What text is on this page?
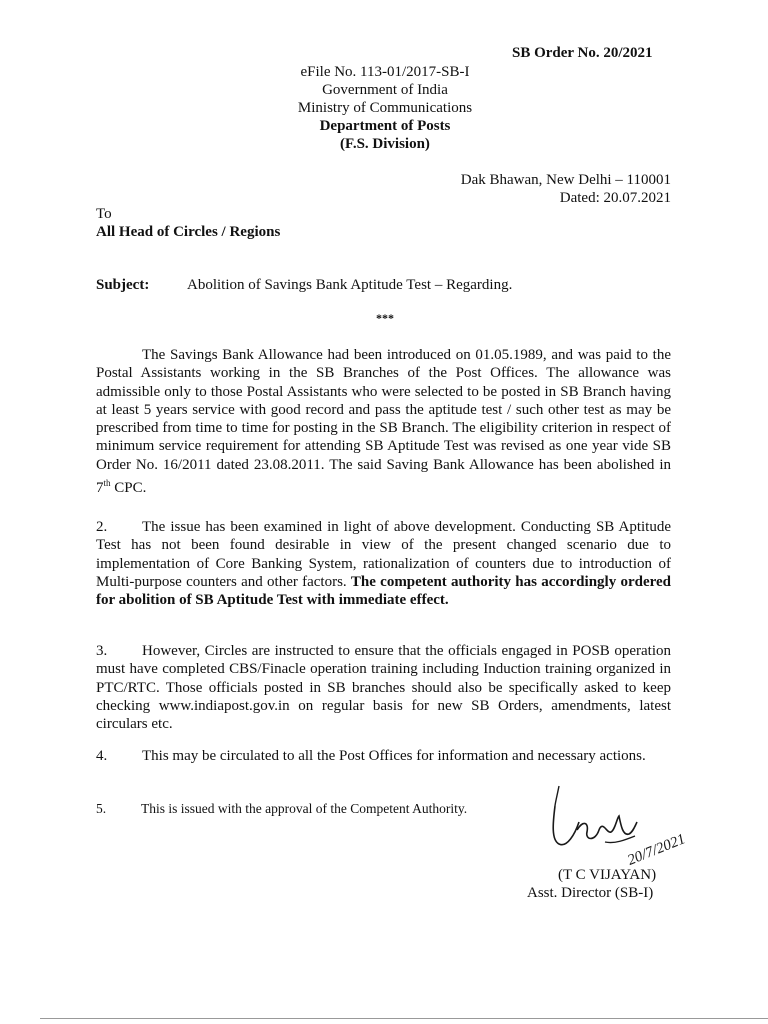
SB Order No. 20/2021
eFile No. 113-01/2017-SB-I
Government of India
Ministry of Communications
Department of Posts
(F.S. Division)
Dak Bhawan, New Delhi – 110001
Dated: 20.07.2021
To
All Head of Circles / Regions
Subject:	Abolition of Savings Bank Aptitude Test – Regarding.
***
The Savings Bank Allowance had been introduced on 01.05.1989, and was paid to the Postal Assistants working in the SB Branches of the Post Offices. The allowance was admissible only to those Postal Assistants who were selected to be posted in SB Branch having at least 5 years service with good record and pass the aptitude test / such other test as may be prescribed from time to time for posting in the SB Branch. The eligibility criterion in respect of minimum service requirement for attending SB Aptitude Test was revised as one year vide SB Order No. 16/2011 dated 23.08.2011. The said Saving Bank Allowance has been abolished in 7th CPC.
2. The issue has been examined in light of above development. Conducting SB Aptitude Test has not been found desirable in view of the present changed scenario due to implementation of Core Banking System, rationalization of counters due to introduction of Multi-purpose counters and other factors. The competent authority has accordingly ordered for abolition of SB Aptitude Test with immediate effect.
3. However, Circles are instructed to ensure that the officials engaged in POSB operation must have completed CBS/Finacle operation training including Induction training organized in PTC/RTC. Those officials posted in SB branches should also be specifically asked to keep checking www.indiapost.gov.in on regular basis for new SB Orders, amendments, latest circulars etc.
4. This may be circulated to all the Post Offices for information and necessary actions.
5.	This is issued with the approval of the Competent Authority.
20/7/2021
(T C VIJAYAN)
Asst. Director (SB-I)
